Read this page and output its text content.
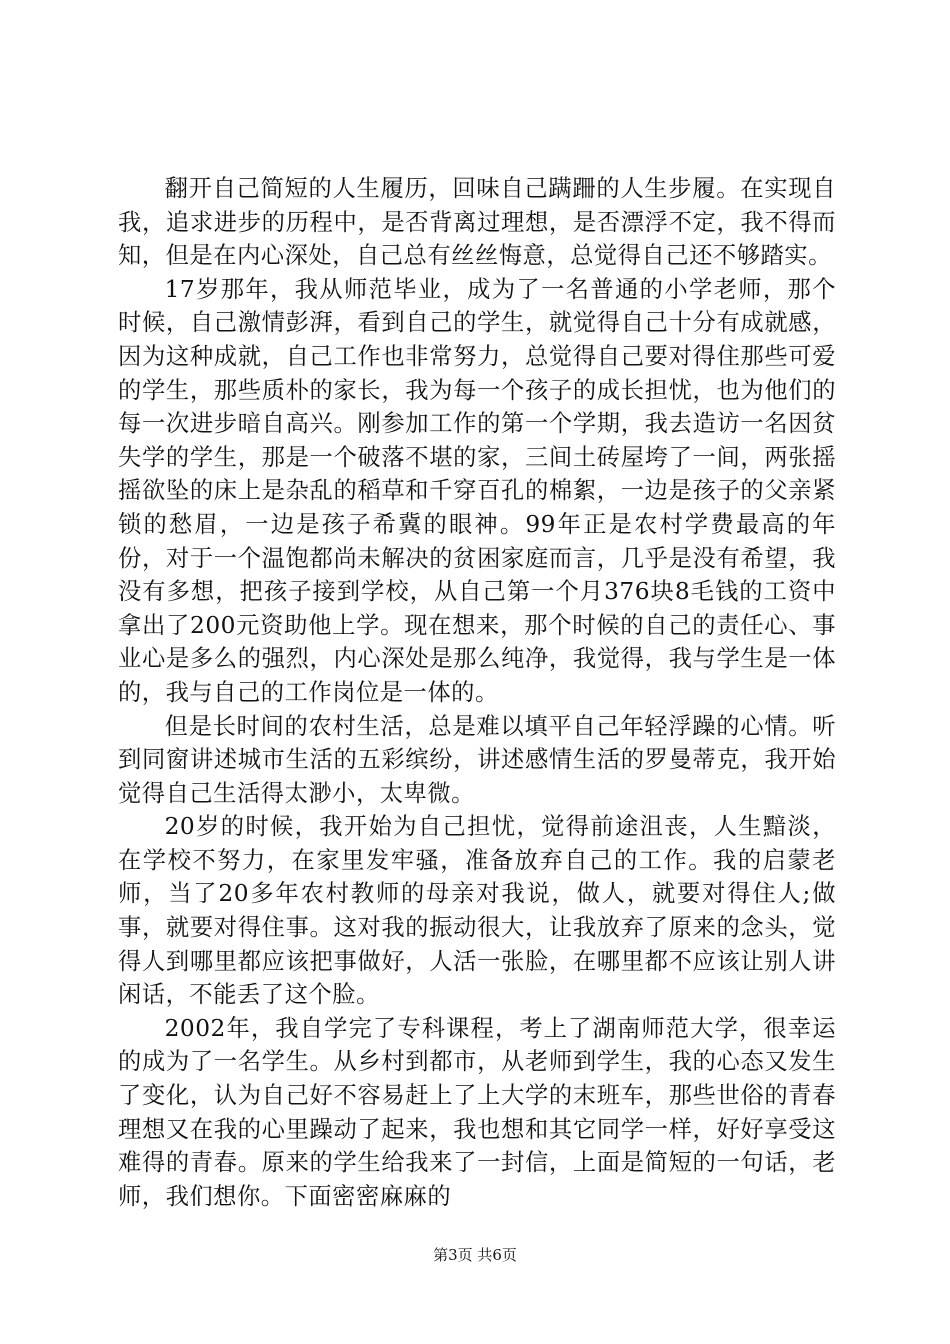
翻开自己简短的人生履历，回味自己蹒跚的人生步履。在实现自我，追求进步的历程中，是否背离过理想，是否漂浮不定，我不得而知，但是在内心深处，自己总有丝丝悔意，总觉得自己还不够踏实。

17岁那年，我从师范毕业，成为了一名普通的小学老师，那个时候，自己激情彭湃，看到自己的学生，就觉得自己十分有成就感，因为这种成就，自己工作也非常努力，总觉得自己要对得住那些可爱的学生，那些质朴的家长，我为每一个孩子的成长担忧，也为他们的每一次进步暗自高兴。刚参加工作的第一个学期，我去造访一名因贫失学的学生，那是一个破落不堪的家，三间土砖屋垮了一间，两张摇摇欲坠的床上是杂乱的稻草和千穿百孔的棉絮，一边是孩子的父亲紧锁的愁眉，一边是孩子希冀的眼神。99年正是农村学费最高的年份，对于一个温饱都尚未解决的贫困家庭而言，几乎是没有希望，我没有多想，把孩子接到学校，从自己第一个月376块8毛钱的工资中拿出了200元资助他上学。现在想来，那个时候的自己的责任心、事业心是多么的强烈，内心深处是那么纯净，我觉得，我与学生是一体的，我与自己的工作岗位是一体的。

但是长时间的农村生活，总是难以填平自己年轻浮躁的心情。听到同窗讲述城市生活的五彩缤纷，讲述感情生活的罗曼蒂克，我开始觉得自己生活得太渺小，太卑微。

20岁的时候，我开始为自己担忧，觉得前途沮丧，人生黯淡，在学校不努力，在家里发牢骚，准备放弃自己的工作。我的启蒙老师，当了20多年农村教师的母亲对我说，做人，就要对得住人;做事，就要对得住事。这对我的振动很大，让我放弃了原来的念头，觉得人到哪里都应该把事做好，人活一张脸，在哪里都不应该让别人讲闲话，不能丢了这个脸。

2002年，我自学完了专科课程，考上了湖南师范大学，很幸运的成为了一名学生。从乡村到都市，从老师到学生，我的心态又发生了变化，认为自己好不容易赶上了上大学的末班车，那些世俗的青春理想又在我的心里躁动了起来，我也想和其它同学一样，好好享受这难得的青春。原来的学生给我来了一封信，上面是简短的一句话，老师，我们想你。下面密密麻麻的

第3页 共6页
